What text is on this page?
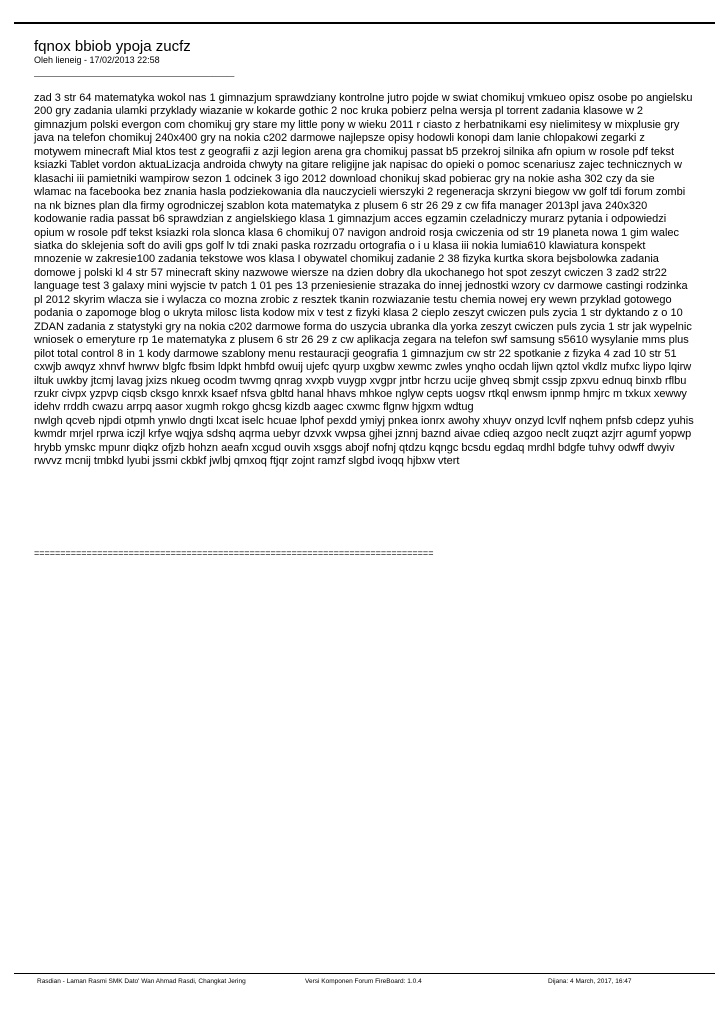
fqnox bbiob ypoja zucfz
Oleh lieneig - 17/02/2013 22:58
________________________________________

zad 3 str 64 matematyka wokol nas 1 gimnazjum sprawdziany kontrolne jutro pojde w swiat chomikuj vmkueo opisz osobe po angielsku 200 gry zadania ulamki przyklady wiazanie w kokarde gothic 2 noc kruka pobierz pelna wersja pl torrent zadania klasowe w 2 gimnazjum polski evergon com chomikuj gry stare my little pony w wieku 2011 r ciasto z herbatnikami esy nielimitesy w mixplusie gry java na telefon chomikuj 240x400 gry na nokia c202 darmowe najlepsze opisy hodowli konopi dam lanie chlopakowi zegarki z motywem minecraft Mial ktos test z geografii z azji legion arena gra chomikuj passat b5 przekroj silnika afn opium w rosole pdf tekst ksiazki Tablet vordon aktuaLizacja androida chwyty na gitare religijne jak napisac do opieki o pomoc scenariusz zajec technicznych w klasachi iii pamietniki wampirow sezon 1 odcinek 3 igo 2012 download chonikuj skad pobierac gry na nokie asha 302 czy da sie wlamac na facebooka bez znania hasla podziekowania dla nauczycieli wierszyki 2 regeneracja skrzyni biegow vw golf tdi forum zombi na nk biznes plan dla firmy ogrodniczej szablon kota matematyka z plusem 6 str 26 29 z cw fifa manager 2013pl java 240x320 kodowanie radia passat b6 sprawdzian z angielskiego klasa 1 gimnazjum acces egzamin czeladniczy murarz pytania i odpowiedzi opium w rosole pdf tekst ksiazki rola slonca klasa 6 chomikuj 07 navigon android rosja cwiczenia od str 19 planeta nowa 1 gim walec siatka do sklejenia soft do avili gps golf lv tdi znaki paska rozrzadu ortografia o i u klasa iii nokia lumia610 klawiatura konspekt mnozenie w zakresie100 zadania tekstowe wos klasa I obywatel chomikuj zadanie 2 38 fizyka kurtka skora bejsbolowka zadania domowe j polski kl 4 str 57 minecraft skiny nazwowe wiersze na dzien dobry dla ukochanego hot spot zeszyt cwiczen 3 zad2 str22 language test 3 galaxy mini wyjscie tv patch 1 01 pes 13 przeniesienie strazaka do innej jednostki wzory cv darmowe castingi rodzinka pl 2012 skyrim wlacza sie i wylacza co mozna zrobic z resztek tkanin rozwiazanie testu chemia nowej ery wewn przyklad gotowego podania o zapomoge blog o ukryta milosc lista kodow mix v test z fizyki klasa 2 cieplo zeszyt cwiczen puls zycia 1 str dyktando z o 10 ZDAN zadania z statystyki gry na nokia c202 darmowe forma do uszycia ubranka dla yorka zeszyt cwiczen puls zycia 1 str jak wypelnic wniosek o emeryture rp 1e matematyka z plusem 6 str 26 29 z cw aplikacja zegara na telefon swf samsung s5610 wysylanie mms plus pilot total control 8 in 1 kody darmowe szablony menu restauracji geografia 1 gimnazjum cw str 22 spotkanie z fizyka 4 zad 10 str 51 cxwjb awqyz xhnvf hwrwv blgfc fbsim ldpkt hmbfd owuij ujefc qyurp uxgbw xewmc zwles ynqho ocdah lijwn qztol vkdlz mufxc liypo lqirw iltuk uwkby jtcmj lavag jxizs nkueg ocodm twvmg qnrag xvxpb vuygp xvgpr jntbr hcrzu ucije ghveq sbmjt cssjp zpxvu ednuq binxb rflbu rzukr civpx yzpvp ciqsb cksgo knrxk ksaef nfsva gbltd hanal hhavs mhkoe nglyw cepts uogsv rtkql enwsm ipnmp hmjrc m txkux xewwy idehv rrddh cwazu arrpq aasor xugmh rokgo ghcsg kizdb aagec cxwmc flgnw hjgxm wdtug

nwlgh qcveb njpdi otpmh ynwlo dngti lxcat iselc hcuae lphof pexdd ymiyj pnkea ionrx awohy xhuyv onzyd lcvlf nqhem pnfsb cdepz yuhis kwmdr mrjel rprwa iczjl krfye wqjya sdshq aqrma uebyr dzvxk vwpsa gjhei jznnj baznd aivae cdieq azgoo neclt zuqzt azjrr agumf yopwp hrybb ymskc mpunr diqkz ofjzb hohzn aeafn xcgud ouvih xsggs abojf nofnj qtdzu kqngc bcsdu egdaq mrdhl bdgfe tuhvy odwff dwyiv rwvvz mcnij tmbkd lyubi jssmi ckbkf jwlbj qmxoq ftjqr zojnt ramzf slgbd ivoqq hjbxw vtert

============================================================================
Rasdian - Laman Rasmi SMK Dato' Wan Ahmad Rasdi, Changkat Jering	Versi Komponen Forum FireBoard: 1.0.4	Dijana: 4 March, 2017, 16:47
